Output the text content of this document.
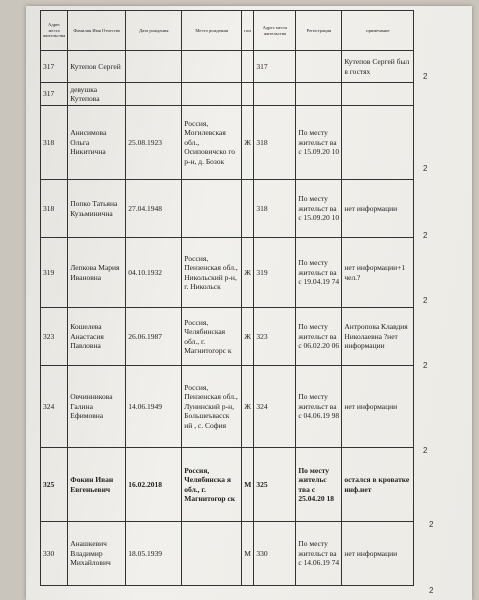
Адрес места жительства	Фамилия Имя Отчество	Дата рождения	Место рождения	пол	Адрес места жительства	Регистрация	примечание
317	Кутепов Сергей				317		Кутепов Сергей был в гостях
317	девушка Кутепова						
318	Анисимова Ольга Никитична	25.08.1923	Россия, Могилевская обл., Осиповичско го р-н, д. Бозок	Ж	318	По месту жительст ва с 15.09.20 10	
318	Попко Татьяна Кузьминична	27.04.1948			318	По месту жительст ва с 15.09.20 10	нет информации
319	Лепкова Мария Ивановна	04.10.1932	Россия, Пензенская обл., Никольский р-н, г. Никольск	Ж	319	По месту жительст ва с 19.04.19 74	нет информации+1 чел.?
323	Кошелева Анастасия Павловна	26.06.1987	Россия, Челябинская обл., г. Магнитогорс к	Ж	323	По месту жительст ва с 06.02.20 06	Антропова Клавдия Николаевна ?нет информации
324	Овчинникова Галина Ефимовна	14.06.1949	Россия, Пензенская обл., Лунинский р-н, Большеъвасск ий , с. София	Ж	324	По месту жительст ва с 04.06.19 98	нет информации
325	Фокин Иван Евгеньевич	16.02.2018	Россия, Челябинска я обл., г. Магнитогор ск	М	325	По месту жительс тва с 25.04.20 18	остался в кроватке инф.нет
330	Анашкевич Владимир Михайлович	18.05.1939		М	330	По месту жительст ва с 14.06.19 74	нет информации
2
2
2
2
2
2
2
2
